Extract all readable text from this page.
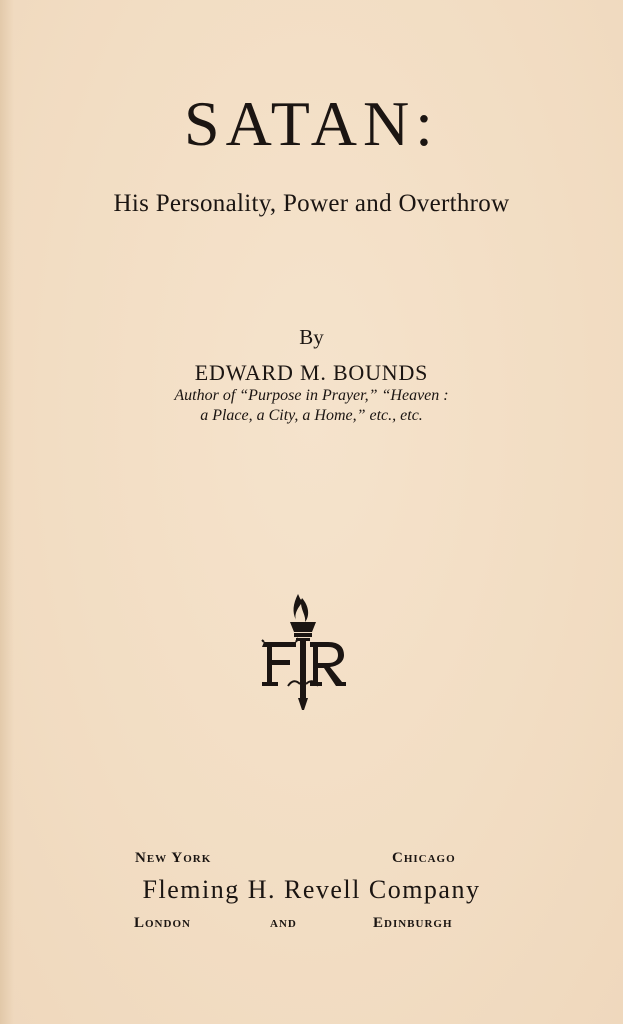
SATAN:
His Personality, Power and Overthrow
By
EDWARD M. BOUNDS
Author of “Purpose in Prayer,” “Heaven :
a Place, a City, a Home,” etc., etc.
New York	Chicago
Fleming H. Revell Company
London	and	Edinburgh
